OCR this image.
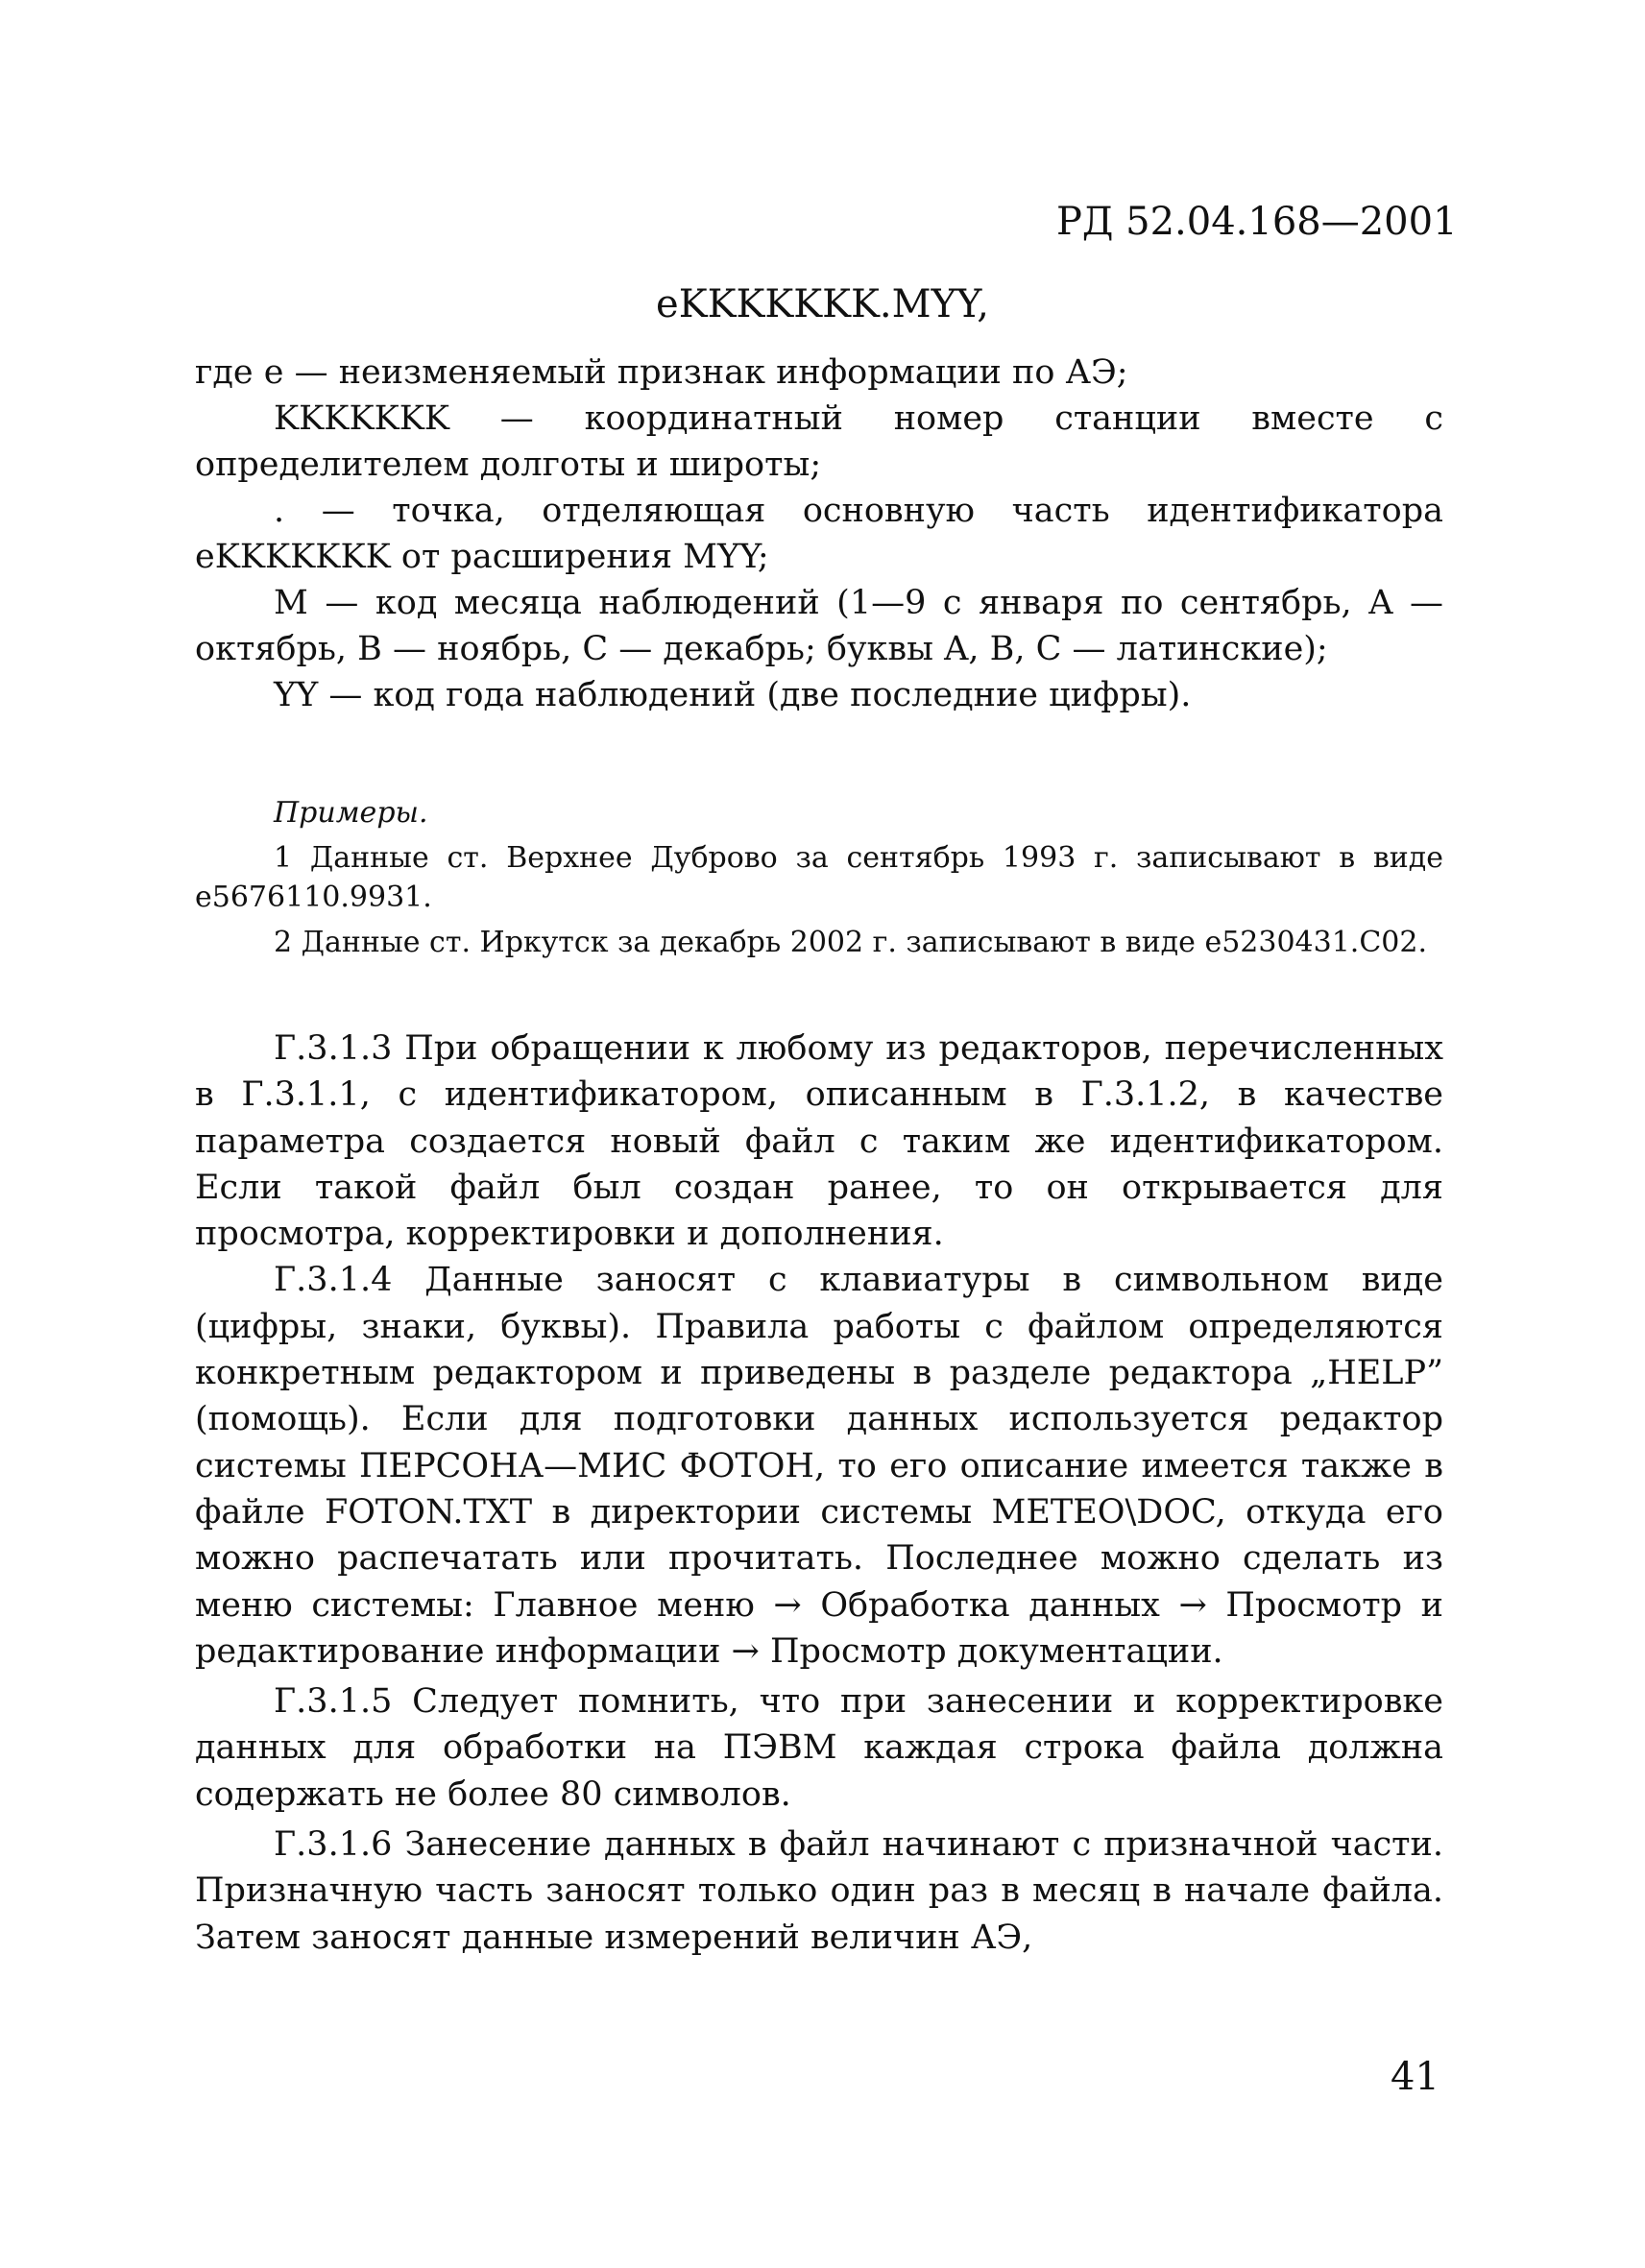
РД 52.04.168—2001
eKKKKKKK.MYY,

где e — неизменяемый признак информации по АЭ;

KKKKKKK — координатный номер станции вместе с определителем долготы и широты;

. — точка, отделяющая основную часть идентификатора eKKKKKKK от расширения MYY;

M — код месяца наблюдений (1—9 с января по сентябрь, A — октябрь, B — ноябрь, C — декабрь; буквы A, B, C — латинские);

YY — код года наблюдений (две последние цифры).

Примеры.

1 Данные ст. Верхнее Дуброво за сентябрь 1993 г. записывают в виде e5676110.9931.

2 Данные ст. Иркутск за декабрь 2002 г. записывают в виде e5230431.C02.

Г.3.1.3 При обращении к любому из редакторов, перечисленных в Г.3.1.1, с идентификатором, описанным в Г.3.1.2, в качестве параметра создается новый файл с таким же идентификатором. Если такой файл был создан ранее, то он открывается для просмотра, корректировки и дополнения.

Г.3.1.4 Данные заносят с клавиатуры в символьном виде (цифры, знаки, буквы). Правила работы с файлом определяются конкретным редактором и приведены в разделе редактора „HELP” (помощь). Если для подготовки данных используется редактор системы ПЕРСОНА—МИС ФОТОН, то его описание имеется также в файле FOTON.TXT в директории системы METEO\DOC, откуда его можно распечатать или прочитать. Последнее можно сделать из меню системы: Главное меню → Обработка данных → Просмотр и редактирование информации → Просмотр документации.

Г.3.1.5 Следует помнить, что при занесении и корректировке данных для обработки на ПЭВМ каждая строка файла должна содержать не более 80 символов.

Г.3.1.6 Занесение данных в файл начинают с призначной части. Призначную часть заносят только один раз в месяц в начале файла. Затем заносят данные измерений величин АЭ,

41
